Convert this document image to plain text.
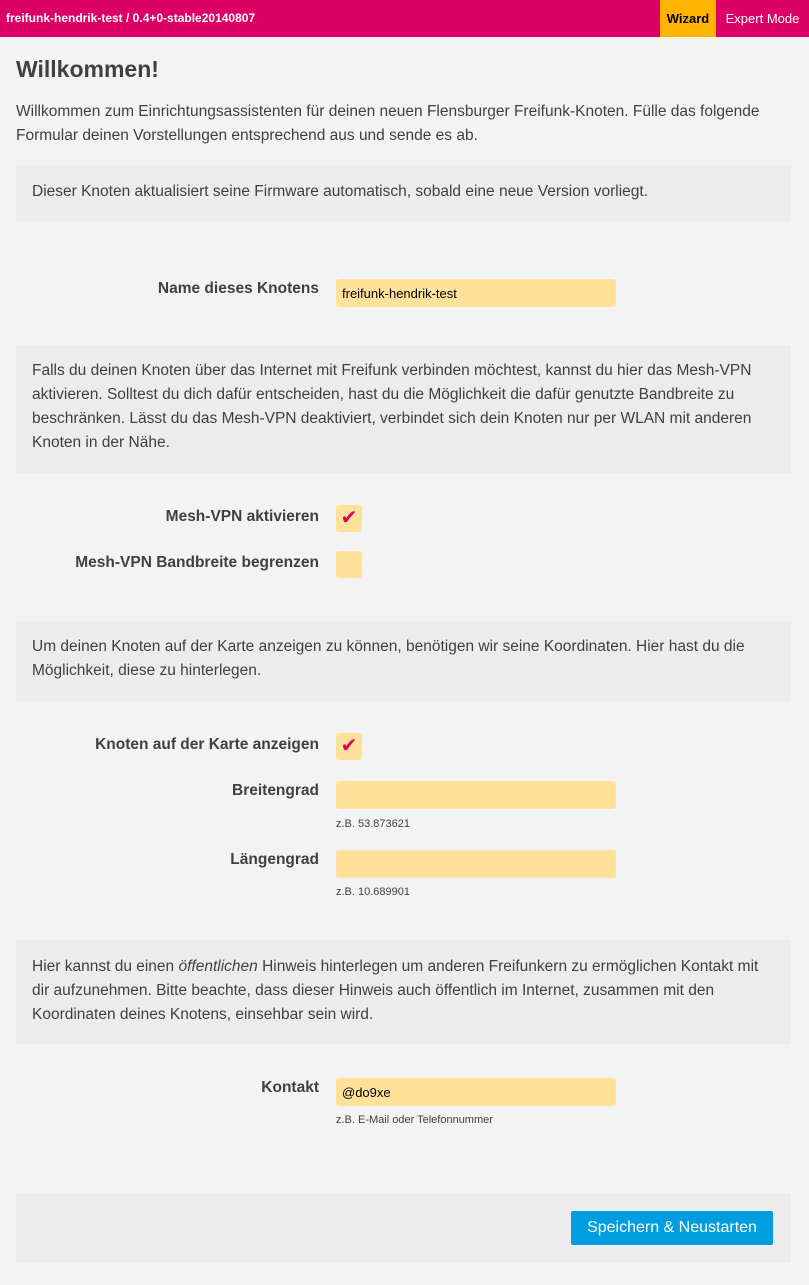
freifunk-hendrik-test / 0.4+0-stable20140807	Wizard	Expert Mode
Willkommen!

Willkommen zum Einrichtungsassistenten für deinen neuen Flensburger Freifunk-Knoten. Fülle das folgende Formular deinen Vorstellungen entsprechend aus und sende es ab.

Dieser Knoten aktualisiert seine Firmware automatisch, sobald eine neue Version vorliegt.

Name dieses Knotens
freifunk-hendrik-test

Falls du deinen Knoten über das Internet mit Freifunk verbinden möchtest, kannst du hier das Mesh-VPN aktivieren. Solltest du dich dafür entscheiden, hast du die Möglichkeit die dafür genutzte Bandbreite zu beschränken. Lässt du das Mesh-VPN deaktiviert, verbindet sich dein Knoten nur per WLAN mit anderen Knoten in der Nähe.

Mesh-VPN aktivieren ✔
Mesh-VPN Bandbreite begrenzen

Um deinen Knoten auf der Karte anzeigen zu können, benötigen wir seine Koordinaten. Hier hast du die Möglichkeit, diese zu hinterlegen.

Knoten auf der Karte anzeigen ✔
Breitengrad
z.B. 53.873621
Längengrad
z.B. 10.689901

Hier kannst du einen öffentlichen Hinweis hinterlegen um anderen Freifunkern zu ermöglichen Kontakt mit dir aufzunehmen. Bitte beachte, dass dieser Hinweis auch öffentlich im Internet, zusammen mit den Koordinaten deines Knotens, einsehbar sein wird.

Kontakt
@do9xe
z.B. E-Mail oder Telefonnummer
Speichern & Neustarten
